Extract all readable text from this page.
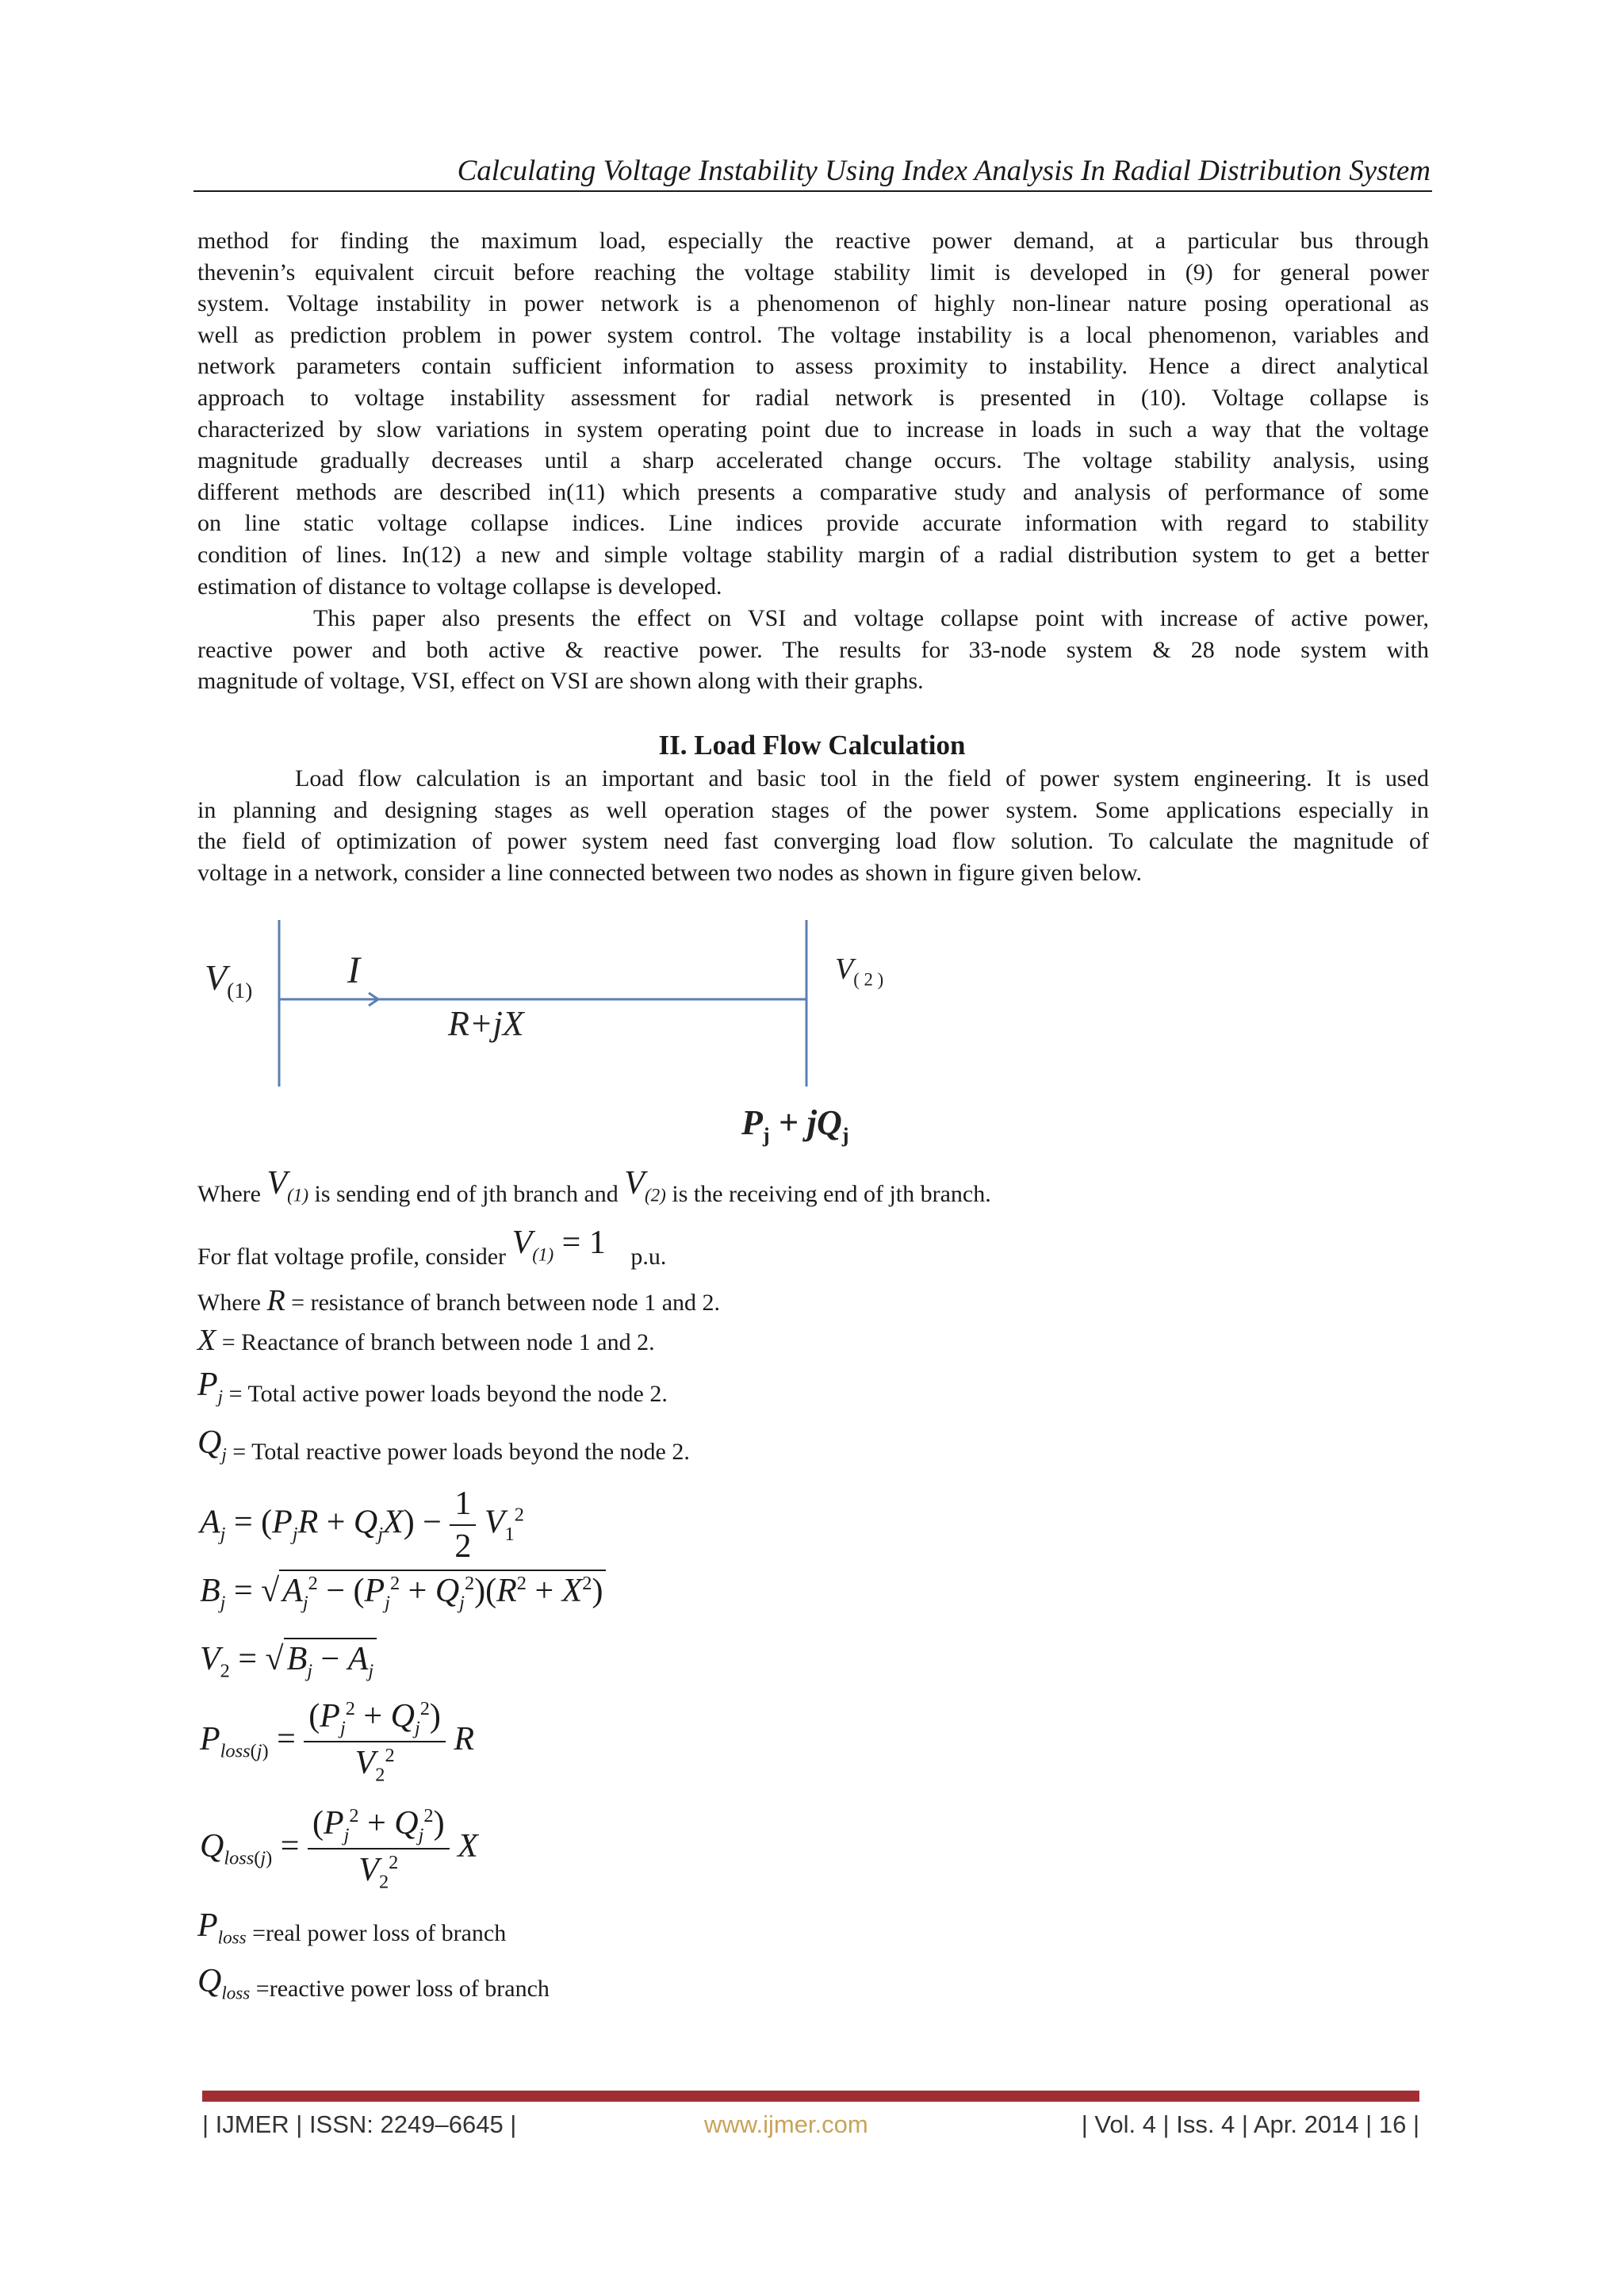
Calculating Voltage Instability Using Index Analysis In Radial Distribution System
method for finding the maximum load, especially the reactive power demand, at a particular bus through
thevenin’s equivalent circuit before reaching the voltage stability limit is developed in (9) for general power
system. Voltage instability in power network is a phenomenon of highly non-linear nature posing operational as
well as prediction problem in power system control. The voltage instability is a local phenomenon, variables and
network parameters contain sufficient information to assess proximity to instability. Hence a direct analytical
approach to voltage instability assessment for radial network is presented in (10). Voltage collapse is
characterized by slow variations in system operating point due to increase in loads in such a way that the voltage
magnitude gradually decreases until a sharp accelerated change occurs. The voltage stability analysis, using
different methods are described in(11) which presents a comparative study and analysis of performance of some
on line static voltage collapse indices. Line indices provide accurate information with regard to stability
condition of lines. In(12) a new and simple voltage stability margin of a radial distribution system to get a better
estimation of distance to voltage collapse is developed.
This paper also presents the effect on VSI and voltage collapse point with increase of active power,
reactive power and both active & reactive power. The results for 33-node system & 28 node system with
magnitude of voltage, VSI, effect on VSI are shown along with their graphs.
II. Load Flow Calculation
Load flow calculation is an important and basic tool in the field of power system engineering. It is used
in planning and designing stages as well operation stages of the power system. Some applications especially in
the field of optimization of power system need fast converging load flow solution. To calculate the magnitude of
voltage in a network, consider a line connected between two nodes as shown in figure given below.
$V_{(1)}$ I
R+jX
$V_{( 2 )}$
$P_j + jQ_j$
Where $V_{(1)}$ is sending end of jth branch and $V_{(2)}$ is the receiving end of jth branch.
For flat voltage profile, consider $V_{(1)} = 1$ p.u.
Where R = resistance of branch between node 1 and 2.
X = Reactance of branch between node 1 and 2.
$P_j$ = Total active power loads beyond the node 2.
$Q_j$ = Total reactive power loads beyond the node 2.
$A_j = (P_jR + Q_jX) - \frac{1}{2} V_1^2$
$B_j = √A_j^2 - (P_j^2 + Q_j^2)(R^2 + X^2)$
$V_2 = √B_j - A_j$
$P_{loss(j)} = \frac{(P_j^2 + Q_j^2)}{V_2^2}$ R
$Q_{loss(j)} = \frac{(P_j^2 + Q_j^2)}{V_2^2}$ X
$P_{loss}$ =real power loss of branch
$Q_{loss}$ =reactive power loss of branch
| IJMER | ISSN: 2249–6645 |	www.ijmer.com	| Vol. 4 | Iss. 4 | Apr. 2014 | 16 |
